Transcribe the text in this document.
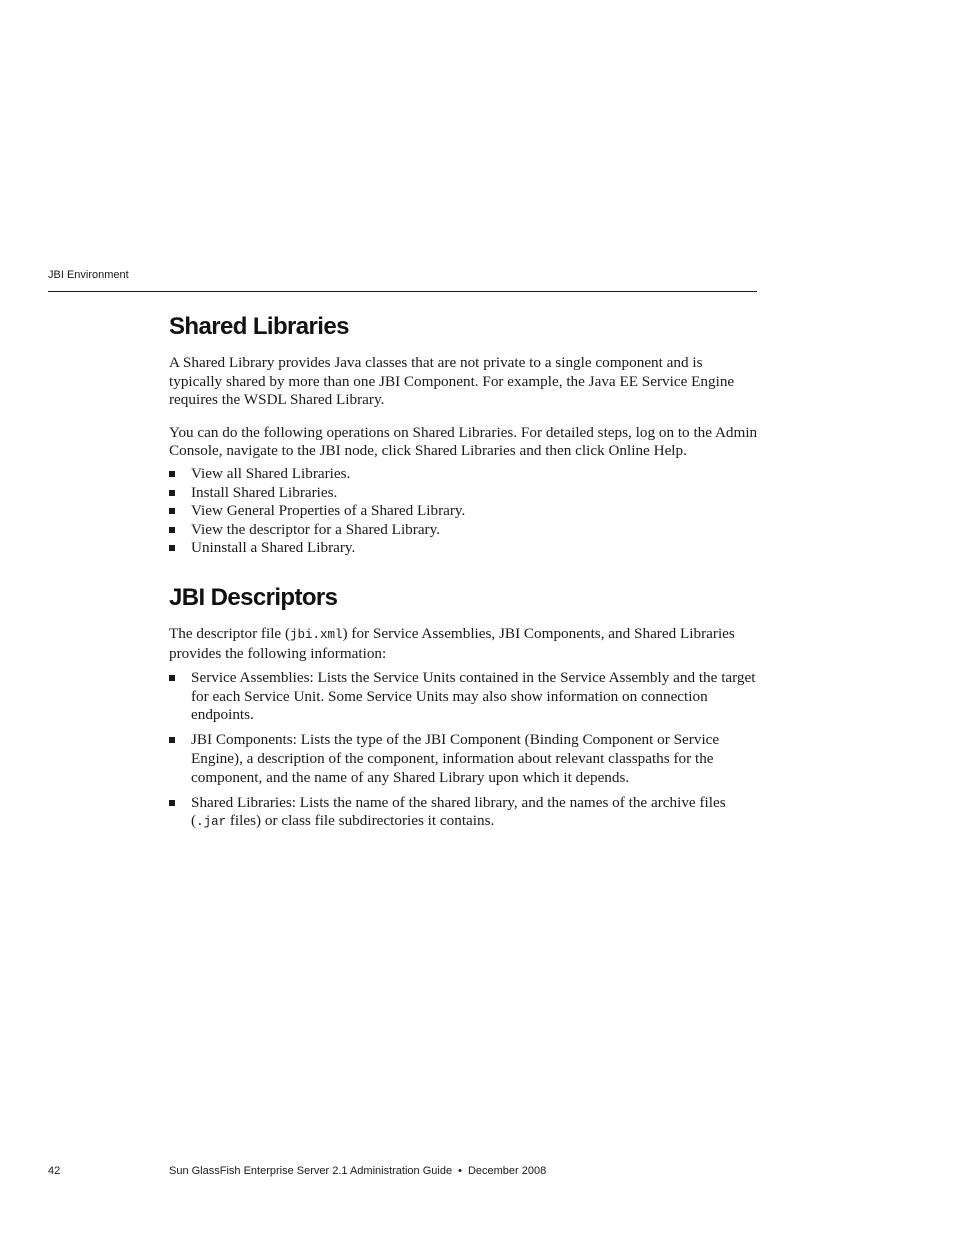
JBI Environment
Shared Libraries

A Shared Library provides Java classes that are not private to a single component and is typically shared by more than one JBI Component. For example, the Java EE Service Engine requires the WSDL Shared Library.

You can do the following operations on Shared Libraries. For detailed steps, log on to the Admin Console, navigate to the JBI node, click Shared Libraries and then click Online Help.

View all Shared Libraries.
Install Shared Libraries.
View General Properties of a Shared Library.
View the descriptor for a Shared Library.
Uninstall a Shared Library.
JBI Descriptors

The descriptor file (jbi.xml) for Service Assemblies, JBI Components, and Shared Libraries provides the following information:

Service Assemblies: Lists the Service Units contained in the Service Assembly and the target for each Service Unit. Some Service Units may also show information on connection endpoints.
JBI Components: Lists the type of the JBI Component (Binding Component or Service Engine), a description of the component, information about relevant classpaths for the component, and the name of any Shared Library upon which it depends.
Shared Libraries: Lists the name of the shared library, and the names of the archive files (.jar files) or class file subdirectories it contains.
42	Sun GlassFish Enterprise Server 2.1 Administration Guide • December 2008
